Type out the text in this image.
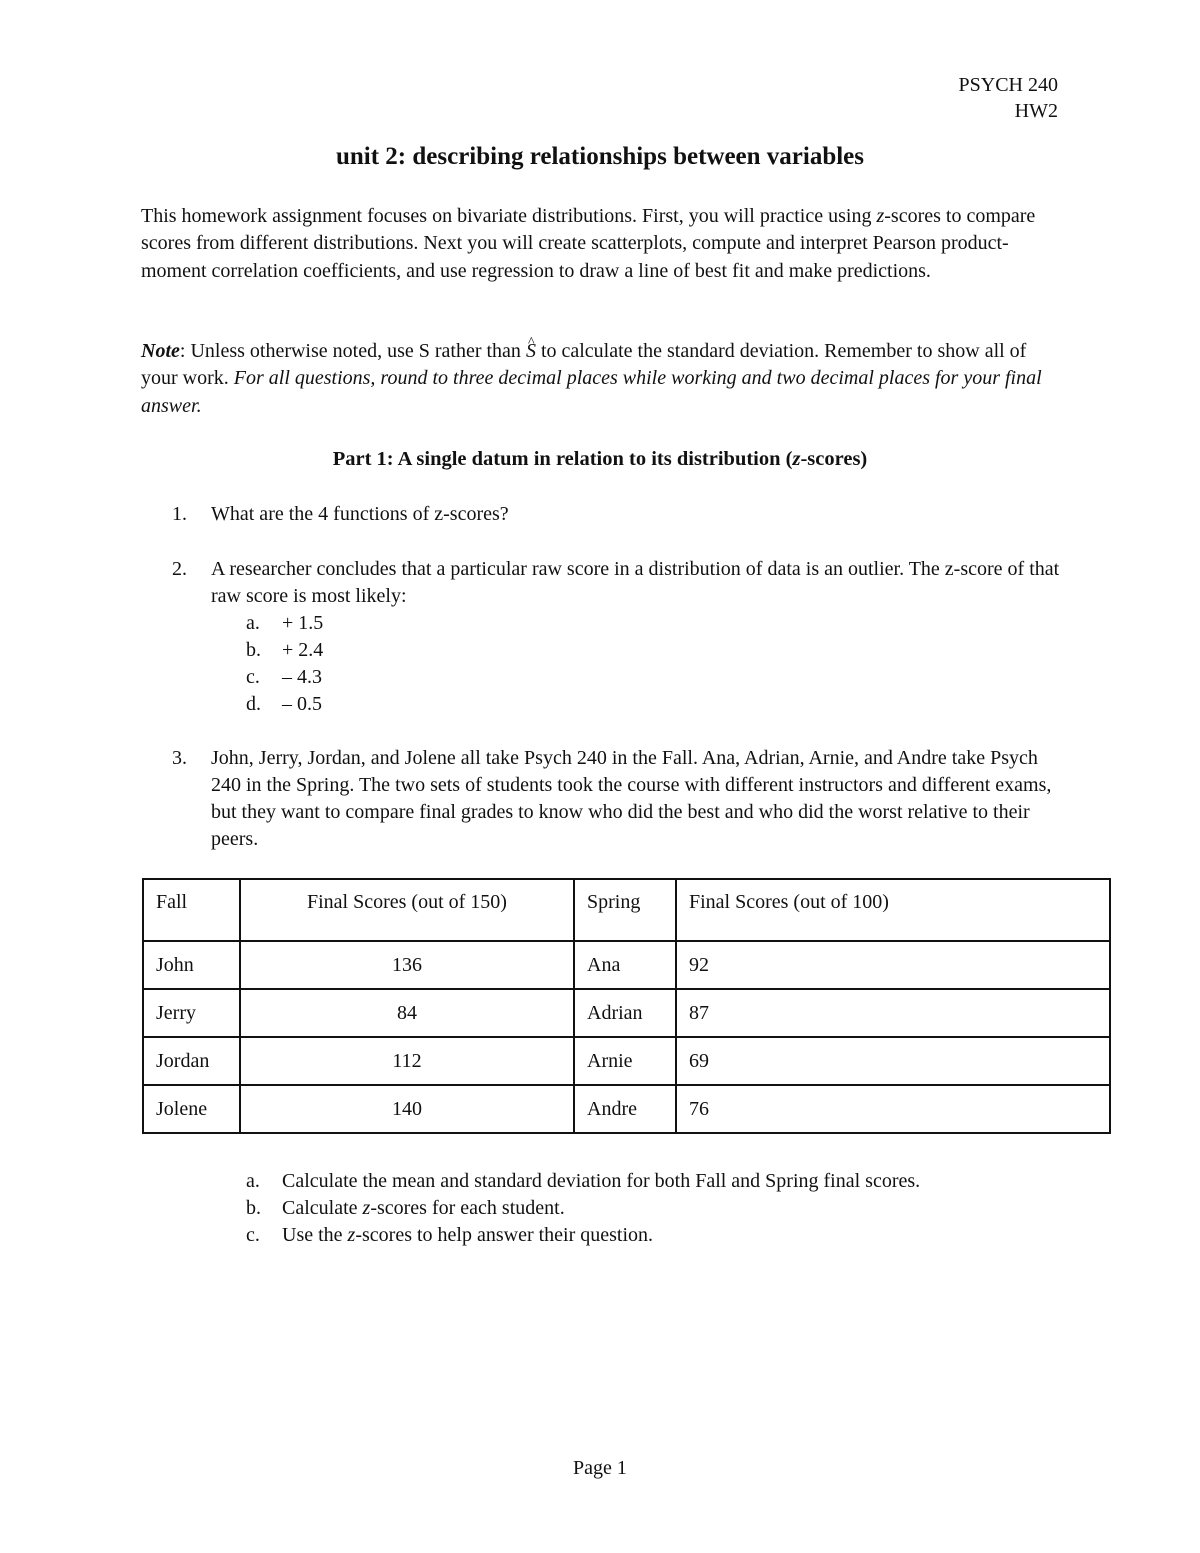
PSYCH 240
HW2
unit 2: describing relationships between variables
This homework assignment focuses on bivariate distributions. First, you will practice using z-scores to compare scores from different distributions. Next you will create scatterplots, compute and interpret Pearson product-moment correlation coefficients, and use regression to draw a line of best fit and make predictions.
Note: Unless otherwise noted, use S rather than ^ S to calculate the standard deviation. Remember to show all of your work. For all questions, round to three decimal places while working and two decimal places for your final answer.
Part 1: A single datum in relation to its distribution (z-scores)
1. What are the 4 functions of z-scores?
2. A researcher concludes that a particular raw score in a distribution of data is an outlier. The z-score of that raw score is most likely:
a. + 1.5
b. + 2.4
c. – 4.3
d. – 0.5
3. John, Jerry, Jordan, and Jolene all take Psych 240 in the Fall. Ana, Adrian, Arnie, and Andre take Psych 240 in the Spring. The two sets of students took the course with different instructors and different exams, but they want to compare final grades to know who did the best and who did the worst relative to their peers.
Fall	Final Scores (out of 150)	Spring	Final Scores (out of 100)
John	136	Ana	92
Jerry	84	Adrian	87
Jordan	112	Arnie	69
Jolene	140	Andre	76
a. Calculate the mean and standard deviation for both Fall and Spring final scores.
b. Calculate z-scores for each student.
c. Use the z-scores to help answer their question.
Page 1
